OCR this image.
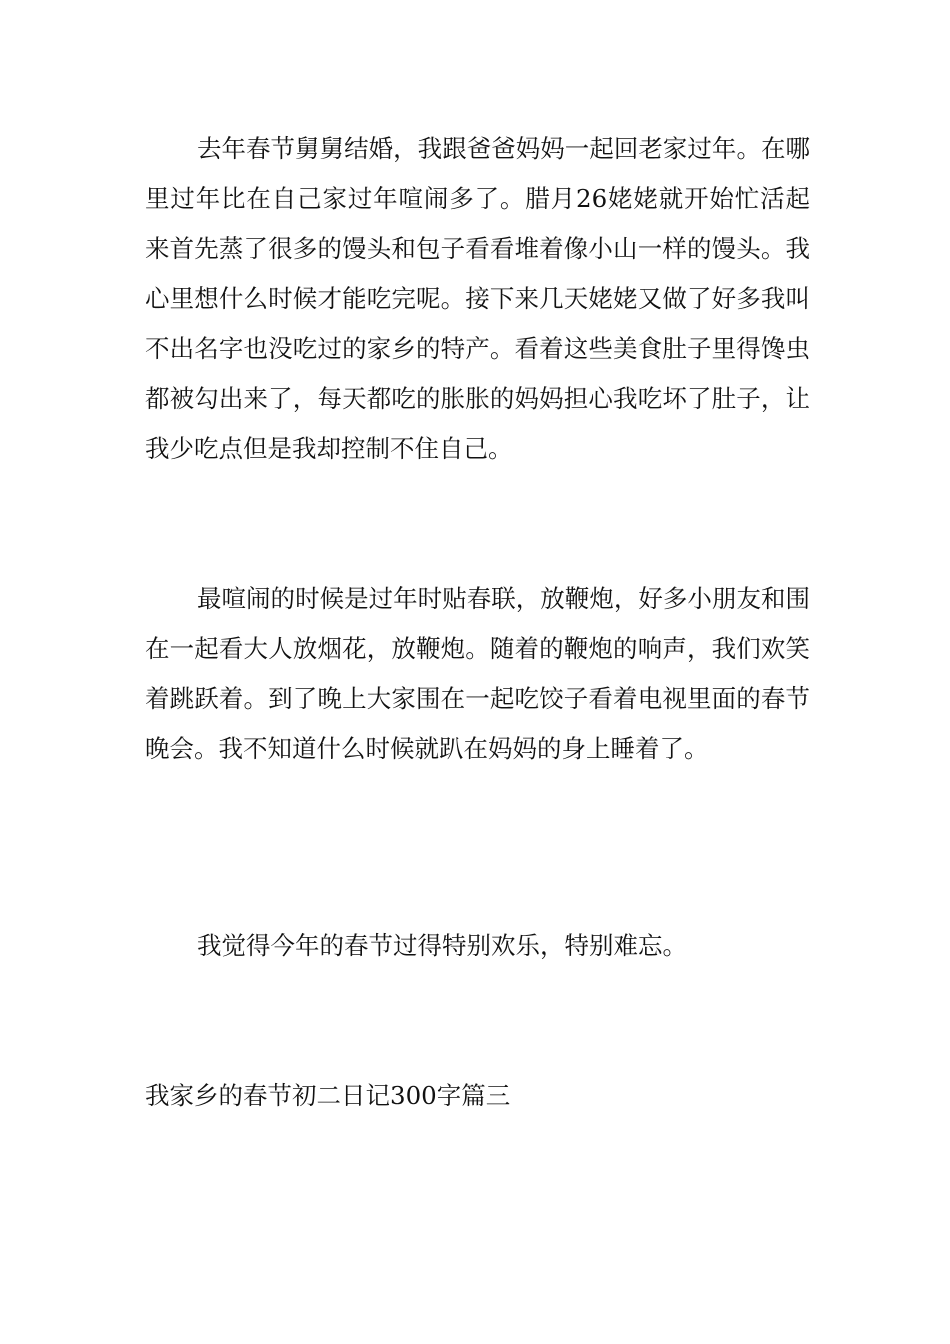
去年春节舅舅结婚，我跟爸爸妈妈一起回老家过年。在哪里过年比在自己家过年喧闹多了。腊月26姥姥就开始忙活起来首先蒸了很多的馒头和包子看看堆着像小山一样的馒头。我心里想什么时候才能吃完呢。接下来几天姥姥又做了好多我叫不出名字也没吃过的家乡的特产。看着这些美食肚子里得馋虫都被勾出来了，每天都吃的胀胀的妈妈担心我吃坏了肚子，让我少吃点但是我却控制不住自己。

最喧闹的时候是过年时贴春联，放鞭炮，好多小朋友和围在一起看大人放烟花，放鞭炮。随着的鞭炮的响声，我们欢笑着跳跃着。到了晚上大家围在一起吃饺子看着电视里面的春节晚会。我不知道什么时候就趴在妈妈的身上睡着了。

我觉得今年的春节过得特别欢乐，特别难忘。

我家乡的春节初二日记300字篇三
